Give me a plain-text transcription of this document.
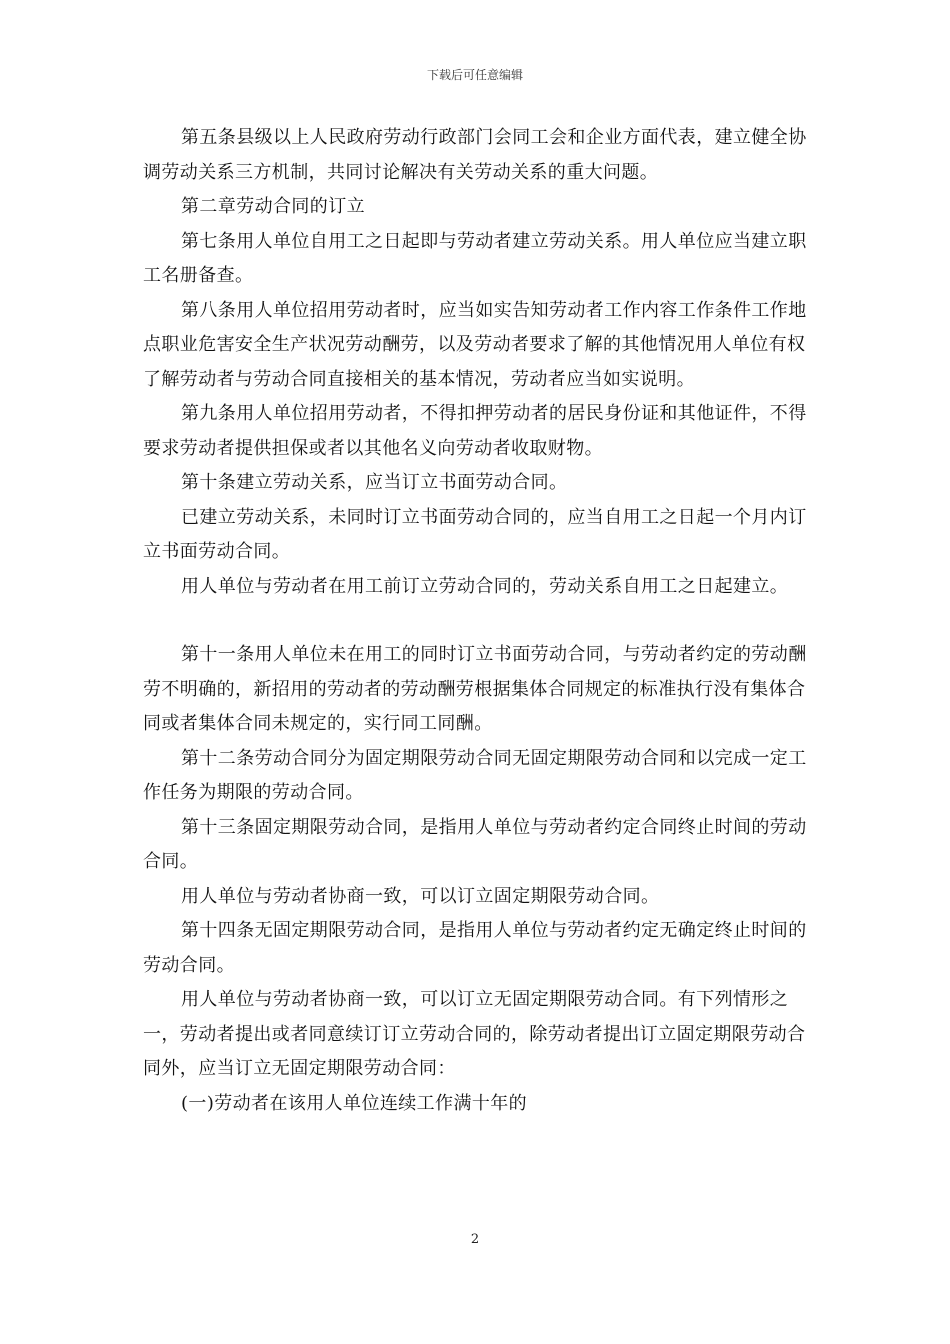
下载后可任意编辑

第五条县级以上人民政府劳动行政部门会同工会和企业方面代表，建立健全协调劳动关系三方机制，共同讨论解决有关劳动关系的重大问题。

第二章劳动合同的订立

第七条用人单位自用工之日起即与劳动者建立劳动关系。用人单位应当建立职工名册备查。

第八条用人单位招用劳动者时，应当如实告知劳动者工作内容工作条件工作地点职业危害安全生产状况劳动酬劳，以及劳动者要求了解的其他情况用人单位有权了解劳动者与劳动合同直接相关的基本情况，劳动者应当如实说明。

第九条用人单位招用劳动者，不得扣押劳动者的居民身份证和其他证件，不得要求劳动者提供担保或者以其他名义向劳动者收取财物。

第十条建立劳动关系，应当订立书面劳动合同。

已建立劳动关系，未同时订立书面劳动合同的，应当自用工之日起一个月内订立书面劳动合同。

用人单位与劳动者在用工前订立劳动合同的，劳动关系自用工之日起建立。

第十一条用人单位未在用工的同时订立书面劳动合同，与劳动者约定的劳动酬劳不明确的，新招用的劳动者的劳动酬劳根据集体合同规定的标准执行没有集体合同或者集体合同未规定的，实行同工同酬。

第十二条劳动合同分为固定期限劳动合同无固定期限劳动合同和以完成一定工作任务为期限的劳动合同。

第十三条固定期限劳动合同，是指用人单位与劳动者约定合同终止时间的劳动合同。

用人单位与劳动者协商一致，可以订立固定期限劳动合同。

第十四条无固定期限劳动合同，是指用人单位与劳动者约定无确定终止时间的劳动合同。

用人单位与劳动者协商一致，可以订立无固定期限劳动合同。有下列情形之一，劳动者提出或者同意续订订立劳动合同的，除劳动者提出订立固定期限劳动合同外，应当订立无固定期限劳动合同：

(一)劳动者在该用人单位连续工作满十年的

2
